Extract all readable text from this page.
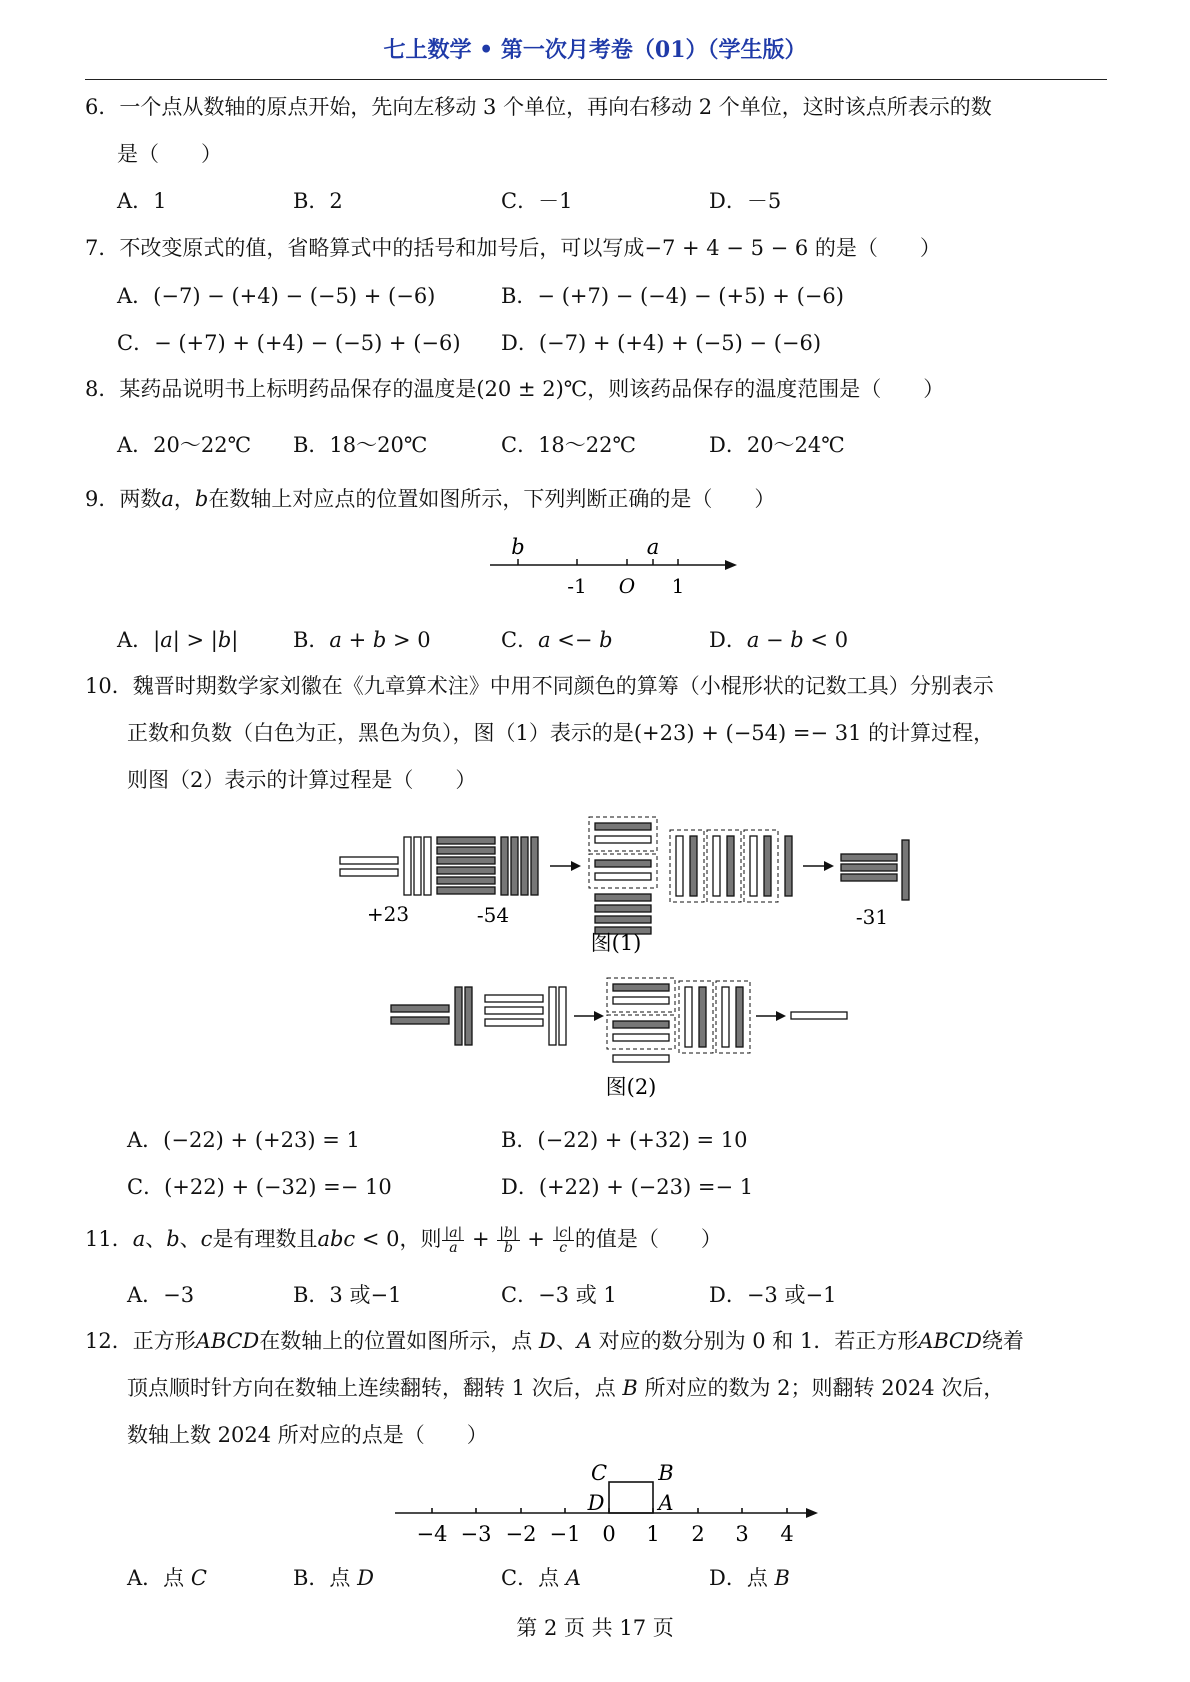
七上数学 • 第一次月考卷（01）（学生版）
6．一个点从数轴的原点开始，先向左移动 3 个单位，再向右移动 2 个单位，这时该点所表示的数
是（　　）
A．1	B．2	C．－1	D．－5
7．不改变原式的值，省略算式中的括号和加号后，可以写成−7 + 4 − 5 − 6 的是（　　）
A．(−7) − (+4) − (−5) + (−6)	B．− (+7) − (−4) − (+5) + (−6)
C．− (+7) + (+4) − (−5) + (−6) D．(−7) + (+4) + (−5) − (−6)
8．某药品说明书上标明药品保存的温度是(20 ± 2)℃，则该药品保存的温度范围是（　　）
A．20～22℃ B．18～20℃	C．18～22℃	D．20～24℃
9．两数𝑎，𝑏在数轴上对应点的位置如图所示，下列判断正确的是（　　）
b	a
-1 O 1
A．|𝑎| > |𝑏|	B．𝑎 + 𝑏 > 0	C．𝑎 <− 𝑏	D．𝑎 − 𝑏 < 0
10．魏晋时期数学家刘徽在《九章算术注》中用不同颜色的算筹（小棍形状的记数工具）分别表示
正数和负数（白色为正，黑色为负），图（1）表示的是(+23) + (−54) =− 31 的计算过程，
则图（2）表示的计算过程是（　　）
+23	-54	-31
图(1)
图(2)
A．(−22) + (+23) = 1	B．(−22) + (+32) = 10
C．(+22) + (−32) =− 10	D．(+22) + (−23) =− 1
11．𝑎、𝑏、𝑐是有理数且𝑎𝑏𝑐 < 0，则 $\frac{|a|}{a} + \frac{|b|}{b} + \frac{|c|}{c}$ 的值是（　　）
A．−3	B．3 或−1	C．−3 或 1	D．−3 或−1
12．正方形𝐴𝐵𝐶𝐷在数轴上的位置如图所示，点 𝐷、𝐴 对应的数分别为 0 和 1．若正方形𝐴𝐵𝐶𝐷绕着
顶点顺时针方向在数轴上连续翻转，翻转 1 次后，点 𝐵 所对应的数为 2；则翻转 2024 次后，
数轴上数 2024 所对应的点是（　　）
C B
D	A
−4 −3 −2 −1 0 1 2 3 4
A．点 𝐶	B．点 𝐷	C．点 𝐴	D．点 𝐵
第 2 页 共 17 页
